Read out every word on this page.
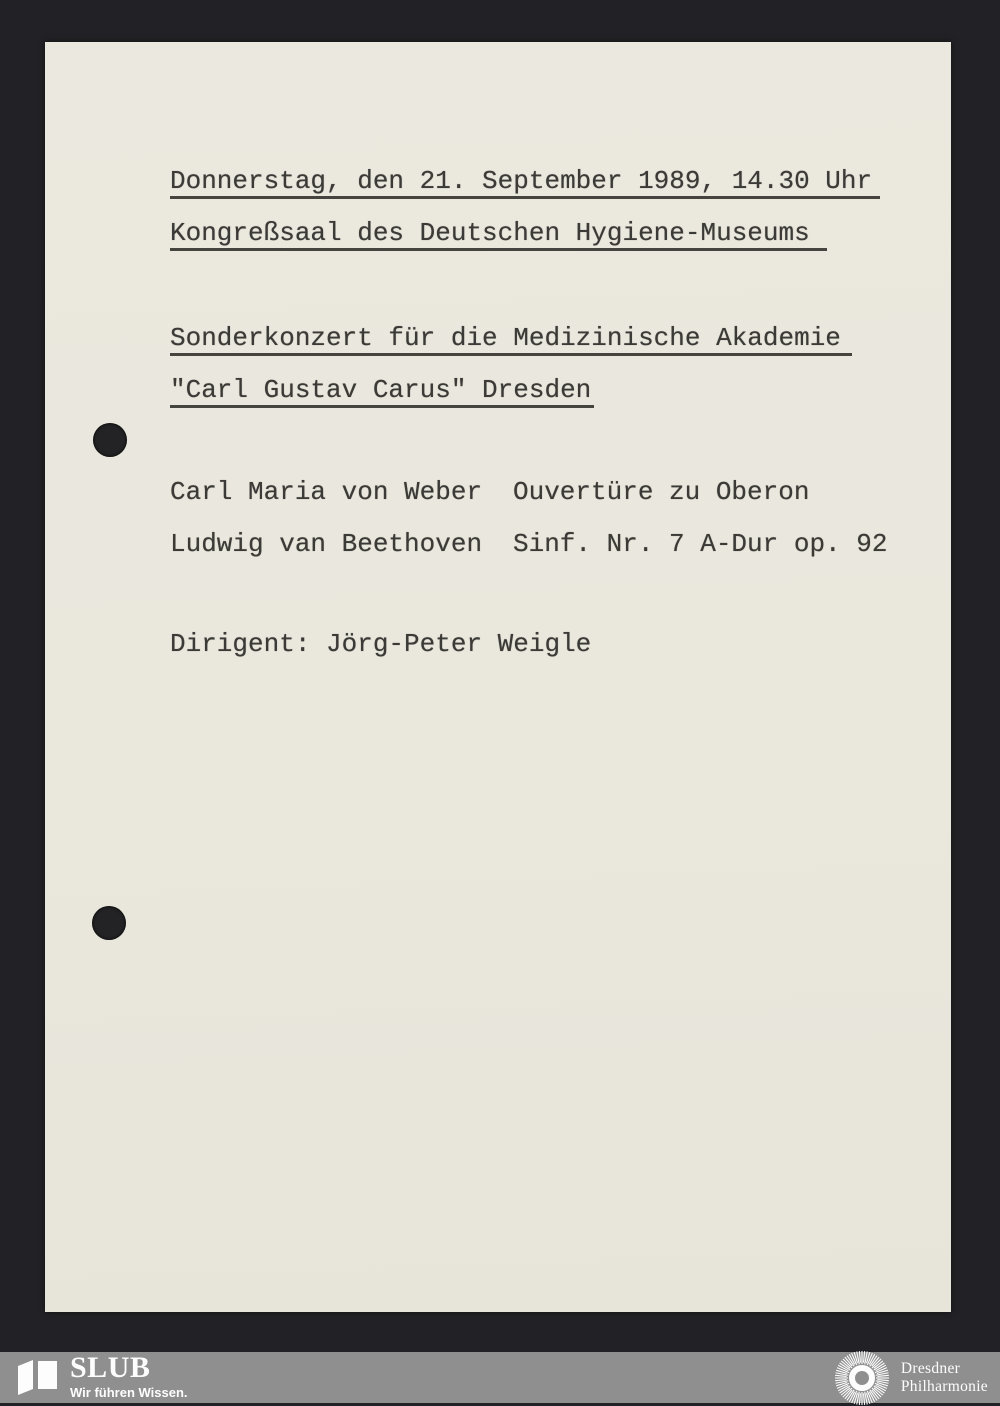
Donnerstag, den 21. September 1989, 14.30 Uhr
Kongreßsaal des Deutschen Hygiene-Museums
Sonderkonzert für die Medizinische Akademie
"Carl Gustav Carus" Dresden
Carl Maria von Weber Ouvertüre zu Oberon
Ludwig van Beethoven Sinf. Nr. 7 A-Dur op. 92
Dirigent: Jörg-Peter Weigle
SLUB
Wir führen Wissen.
Dresdner
Philharmonie
